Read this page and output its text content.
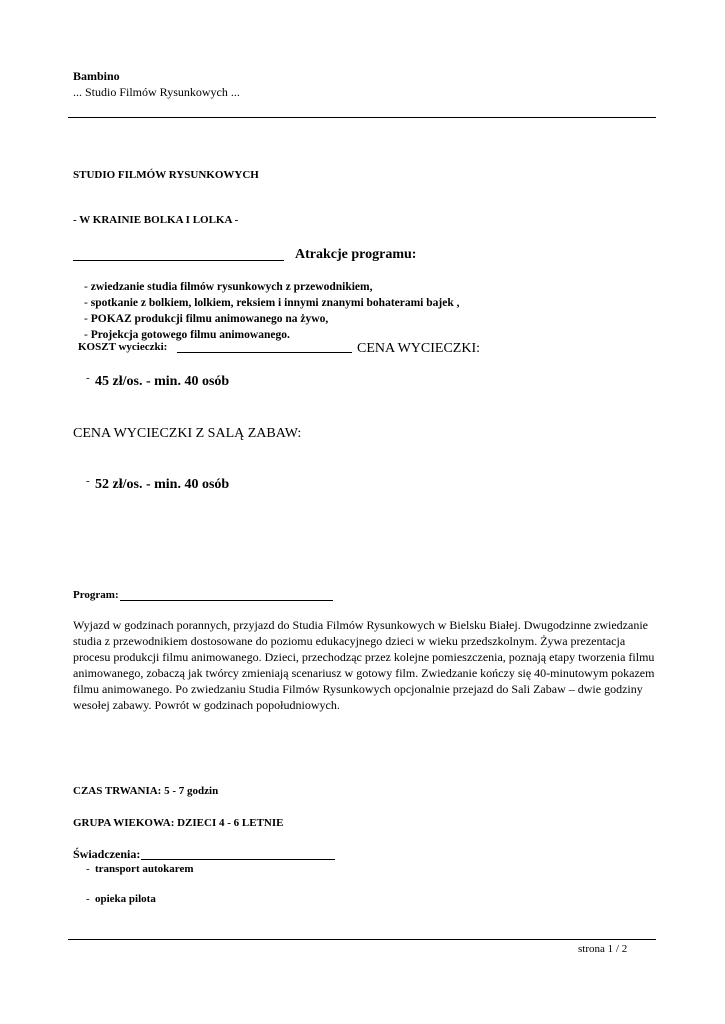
Bambino
... Studio Filmów Rysunkowych ...
STUDIO FILMÓW RYSUNKOWYCH
- W KRAINIE BOLKA I LOLKA -
Atrakcje programu:
- zwiedzanie studia filmów rysunkowych z przewodnikiem,
- spotkanie z bolkiem, lolkiem, reksiem i innymi znanymi bohaterami bajek ,
- POKAZ produkcji filmu animowanego na żywo,
- Projekcja gotowego filmu animowanego.
KOSZT wycieczki:	CENA WYCIECZKI:
- 45 zł/os. - min. 40 osób
CENA WYCIECZKI Z SALĄ ZABAW:
- 52 zł/os. - min. 40 osób
Program:
Wyjazd w godzinach porannych, przyjazd do Studia Filmów Rysunkowych w Bielsku Białej. Dwugodzinne zwiedzanie studia z przewodnikiem dostosowane do poziomu edukacyjnego dzieci w wieku przedszkolnym. Żywa prezentacja procesu produkcji filmu animowanego. Dzieci, przechodząc przez kolejne pomieszczenia, poznają etapy tworzenia filmu animowanego, zobaczą jak twórcy zmieniają scenariusz w gotowy film. Zwiedzanie kończy się 40-minutowym pokazem filmu animowanego. Po zwiedzaniu Studia Filmów Rysunkowych opcjonalnie przejazd do Sali Zabaw – dwie godziny wesołej zabawy. Powrót w godzinach popołudniowych.
CZAS TRWANIA: 5 - 7 godzin
GRUPA WIEKOWA: DZIECI 4 - 6 LETNIE
Świadczenia:
- transport autokarem
- opieka pilota
strona 1 / 2
